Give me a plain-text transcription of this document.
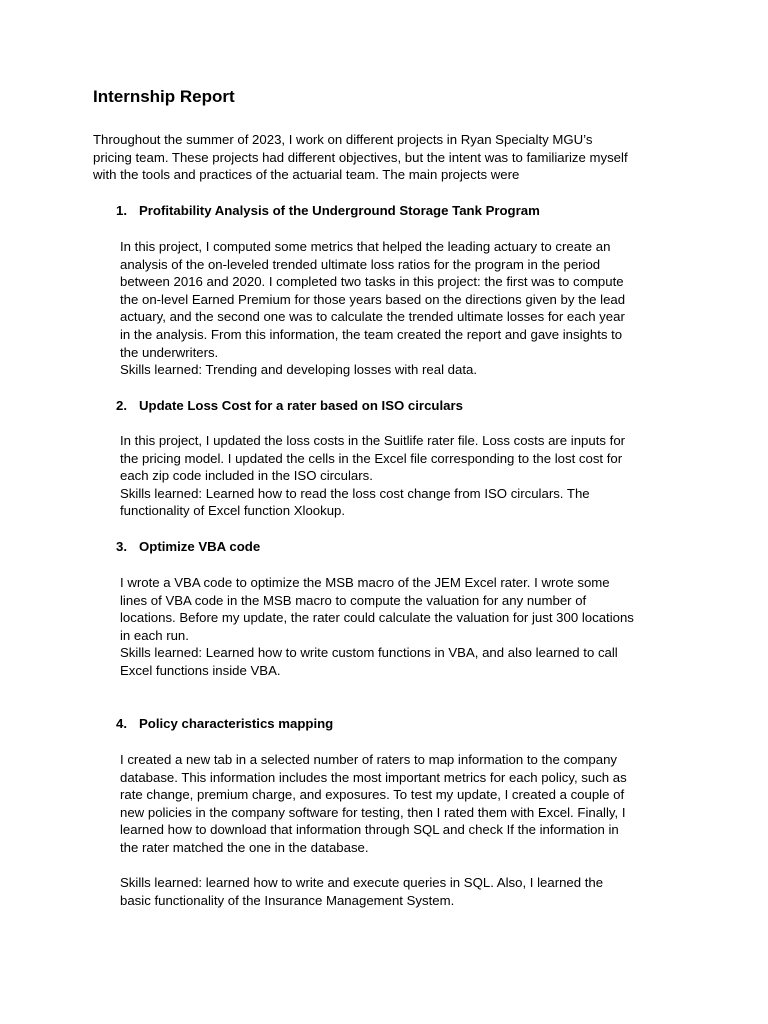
Internship Report
Throughout the summer of 2023, I work on different projects in Ryan Specialty MGU’s
pricing team. These projects had different objectives, but the intent was to familiarize myself
with the tools and practices of the actuarial team. The main projects were
1. Profitability Analysis of the Underground Storage Tank Program
In this project, I computed some metrics that helped the leading actuary to create an
analysis of the on-leveled trended ultimate loss ratios for the program in the period
between 2016 and 2020. I completed two tasks in this project: the first was to compute
the on-level Earned Premium for those years based on the directions given by the lead
actuary, and the second one was to calculate the trended ultimate losses for each year
in the analysis. From this information, the team created the report and gave insights to
the underwriters.
Skills learned: Trending and developing losses with real data.
2. Update Loss Cost for a rater based on ISO circulars
In this project, I updated the loss costs in the Suitlife rater file. Loss costs are inputs for
the pricing model. I updated the cells in the Excel file corresponding to the lost cost for
each zip code included in the ISO circulars.
Skills learned: Learned how to read the loss cost change from ISO circulars. The
functionality of Excel function Xlookup.
3. Optimize VBA code
I wrote a VBA code to optimize the MSB macro of the JEM Excel rater. I wrote some
lines of VBA code in the MSB macro to compute the valuation for any number of
locations. Before my update, the rater could calculate the valuation for just 300 locations
in each run.
Skills learned: Learned how to write custom functions in VBA, and also learned to call
Excel functions inside VBA.
4. Policy characteristics mapping
I created a new tab in a selected number of raters to map information to the company
database. This information includes the most important metrics for each policy, such as
rate change, premium charge, and exposures. To test my update, I created a couple of
new policies in the company software for testing, then I rated them with Excel. Finally, I
learned how to download that information through SQL and check If the information in
the rater matched the one in the database.

Skills learned: learned how to write and execute queries in SQL. Also, I learned the
basic functionality of the Insurance Management System.
